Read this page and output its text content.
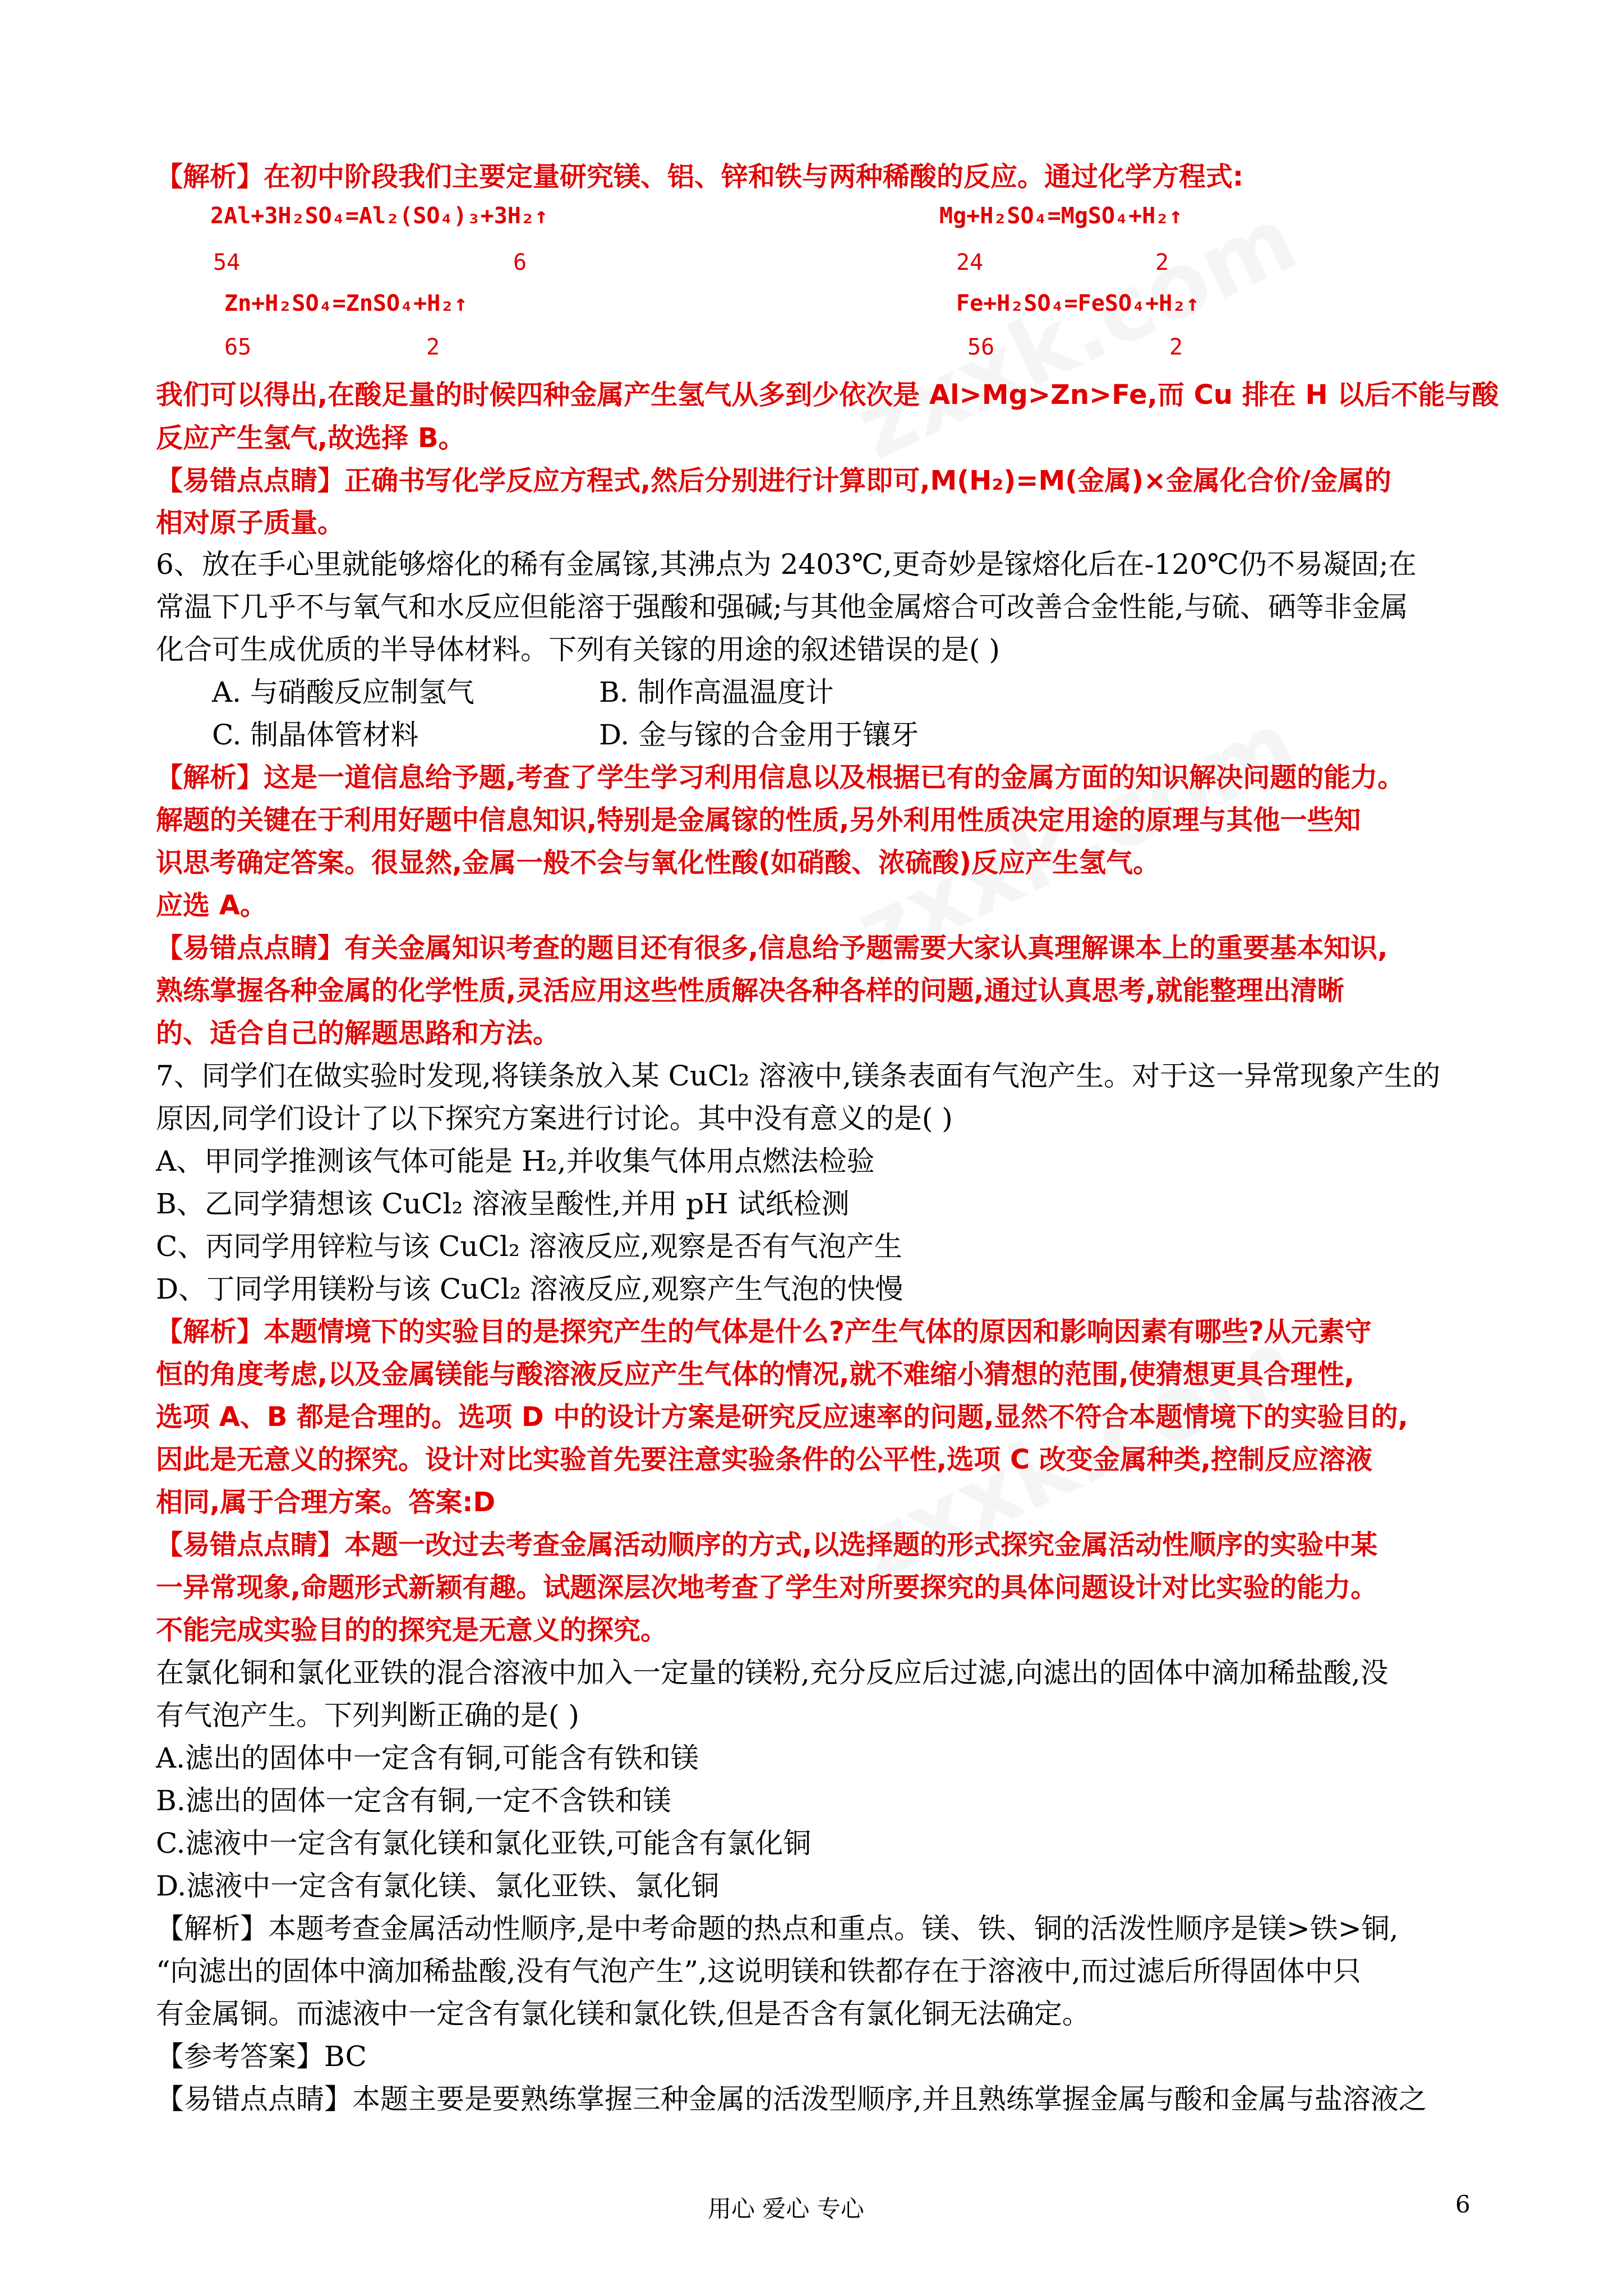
【解析】在初中阶段我们主要定量研究镁、铝、锌和铁与两种稀酸的反应。通过化学方程式:
2Al+3H₂SO₄=Al₂(SO₄)₃+3H₂↑	Mg+H₂SO₄=MgSO₄+H₂↑
54	6	24	2
Zn+H₂SO₄=ZnSO₄+H₂↑	Fe+H₂SO₄=FeSO₄+H₂↑
65	2	56	2
我们可以得出,在酸足量的时候四种金属产生氢气从多到少依次是 Al>Mg>Zn>Fe,而 Cu 排在 H 以后不能与酸
反应产生氢气,故选择 B。
【易错点点睛】正确书写化学反应方程式,然后分别进行计算即可,M(H₂)=M(金属)×金属化合价/金属的
相对原子质量。
6、放在手心里就能够熔化的稀有金属镓,其沸点为 2403℃,更奇妙是镓熔化后在-120℃仍不易凝固;在
常温下几乎不与氧气和水反应但能溶于强酸和强碱;与其他金属熔合可改善合金性能,与硫、硒等非金属
化合可生成优质的半导体材料。下列有关镓的用途的叙述错误的是( )
A. 与硝酸反应制氢气	B. 制作高温温度计
C. 制晶体管材料	D. 金与镓的合金用于镶牙
【解析】这是一道信息给予题,考查了学生学习利用信息以及根据已有的金属方面的知识解决问题的能力。
解题的关键在于利用好题中信息知识,特别是金属镓的性质,另外利用性质决定用途的原理与其他一些知
识思考确定答案。很显然,金属一般不会与氧化性酸(如硝酸、浓硫酸)反应产生氢气。
应选 A。
【易错点点睛】有关金属知识考查的题目还有很多,信息给予题需要大家认真理解课本上的重要基本知识,
熟练掌握各种金属的化学性质,灵活应用这些性质解决各种各样的问题,通过认真思考,就能整理出清晰
的、适合自己的解题思路和方法。
7、同学们在做实验时发现,将镁条放入某 CuCl₂ 溶液中,镁条表面有气泡产生。对于这一异常现象产生的
原因,同学们设计了以下探究方案进行讨论。其中没有意义的是( )
A、甲同学推测该气体可能是 H₂,并收集气体用点燃法检验
B、乙同学猜想该 CuCl₂ 溶液呈酸性,并用 pH 试纸检测
C、丙同学用锌粒与该 CuCl₂ 溶液反应,观察是否有气泡产生
D、丁同学用镁粉与该 CuCl₂ 溶液反应,观察产生气泡的快慢
【解析】本题情境下的实验目的是探究产生的气体是什么?产生气体的原因和影响因素有哪些?从元素守
恒的角度考虑,以及金属镁能与酸溶液反应产生气体的情况,就不难缩小猜想的范围,使猜想更具合理性,
选项 A、B 都是合理的。选项 D 中的设计方案是研究反应速率的问题,显然不符合本题情境下的实验目的,
因此是无意义的探究。设计对比实验首先要注意实验条件的公平性,选项 C 改变金属种类,控制反应溶液
相同,属于合理方案。答案:D
【易错点点睛】本题一改过去考查金属活动顺序的方式,以选择题的形式探究金属活动性顺序的实验中某
一异常现象,命题形式新颖有趣。试题深层次地考查了学生对所要探究的具体问题设计对比实验的能力。
不能完成实验目的的探究是无意义的探究。
在氯化铜和氯化亚铁的混合溶液中加入一定量的镁粉,充分反应后过滤,向滤出的固体中滴加稀盐酸,没
有气泡产生。下列判断正确的是( )
A.滤出的固体中一定含有铜,可能含有铁和镁
B.滤出的固体一定含有铜,一定不含铁和镁
C.滤液中一定含有氯化镁和氯化亚铁,可能含有氯化铜
D.滤液中一定含有氯化镁、氯化亚铁、氯化铜
【解析】本题考查金属活动性顺序,是中考命题的热点和重点。镁、铁、铜的活泼性顺序是镁>铁>铜,
“向滤出的固体中滴加稀盐酸,没有气泡产生”,这说明镁和铁都存在于溶液中,而过滤后所得固体中只
有金属铜。而滤液中一定含有氯化镁和氯化铁,但是否含有氯化铜无法确定。
【参考答案】BC
【易错点点睛】本题主要是要熟练掌握三种金属的活泼型顺序,并且熟练掌握金属与酸和金属与盐溶液之
用心 爱心 专心	6
